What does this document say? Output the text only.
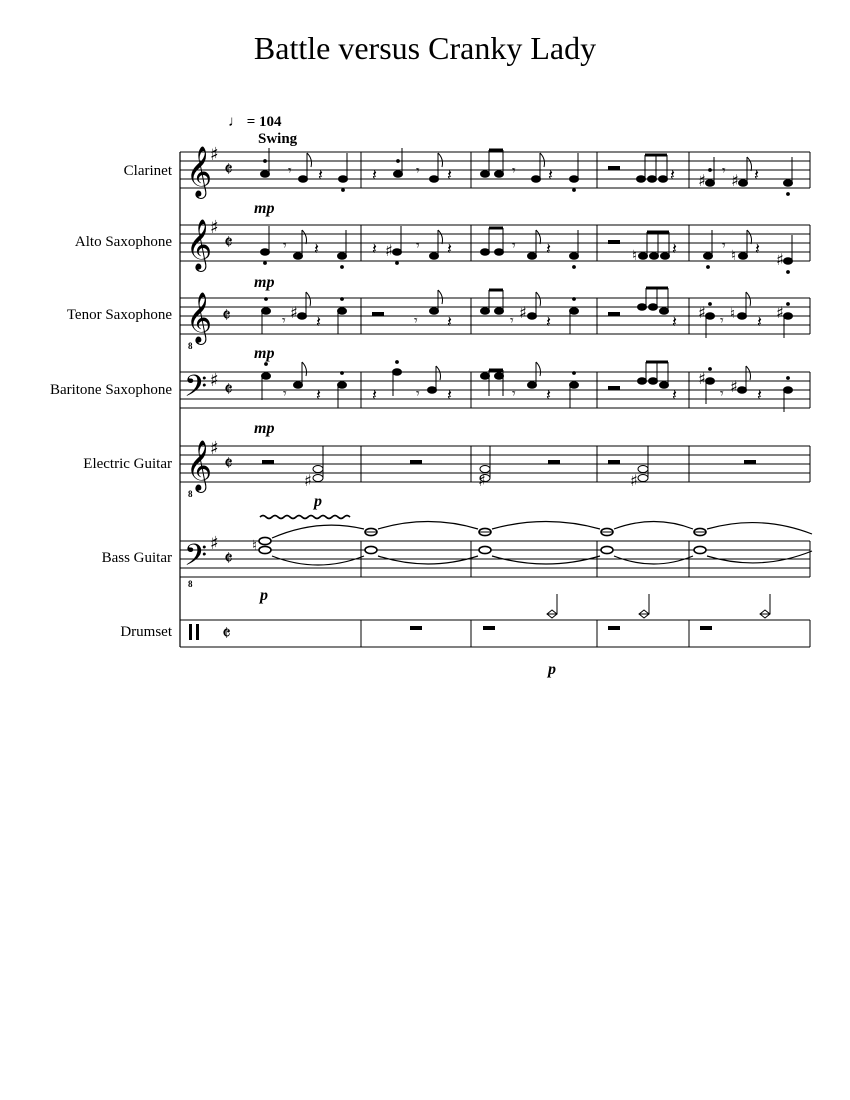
Battle versus Cranky Lady
♩ = 104
Swing
Clarinet
Alto Saxophone
Tenor Saxophone
Baritone Saxophone
Electric Guitar
Bass Guitar
Drumset
mp
mp
mp
mp
p
p
p
𝄞
𝄞
𝄞
8
𝄢
𝄞
8
𝄢
8
♯
♯
♯
♯
♯
𝄵
𝄵
𝄵
𝄵
𝄵
𝄵
𝄵
𝄾 𝄽	𝄽	𝄾 𝄽	𝄾 𝄽	𝄽 ♯ 𝄾 ♯ 𝄽
𝄾 𝄽	𝄽 ♯ 𝄾 𝄽	𝄾 𝄽	♮ 𝄽	𝄾
♮ 𝄽
♯
𝄾 ♯ 𝄽	𝄾 𝄽	𝄾 ♯ 𝄽	𝄽 ♯ 𝄾 ♮ 𝄽 ♯
𝄾 𝄽	𝄽	𝄾 𝄽	𝄾 𝄽	𝄽
♯
𝄾 ♯ 𝄽
♯	♯	♯
♮
